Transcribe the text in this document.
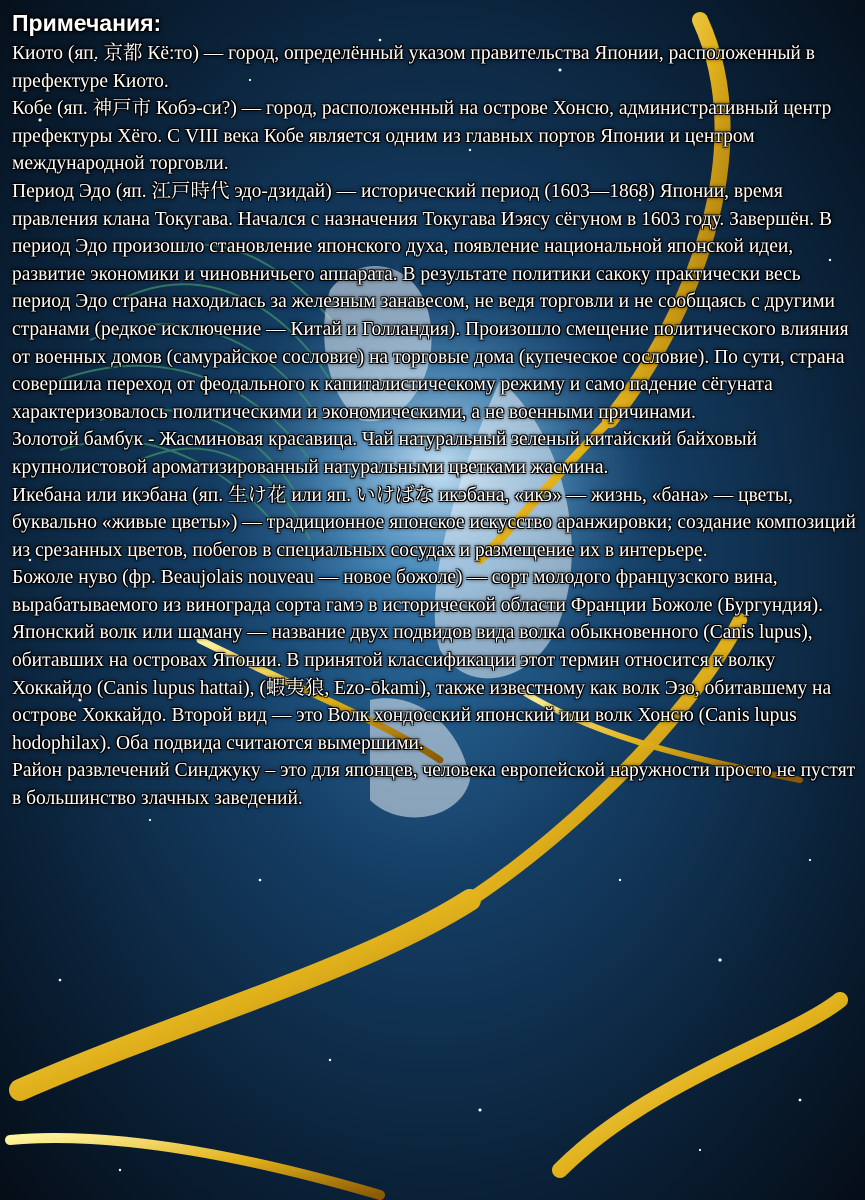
Примечания:

Киото (яп. 京都 Кё:то) — город, определённый указом правительства Японии, расположенный в префектуре Киото.

Кобе (яп. 神戸市 Кобэ-си?) — город, расположенный на острове Хонсю, административный центр префектуры Хёго. С VIII века Кобе является одним из главных портов Японии и центром международной торговли.

Период Эдо (яп. 江戸時代 эдо-дзидай) — исторический период (1603—1868) Японии, время правления клана Токугава. Начался с назначения Токугава Иэясу сёгуном в 1603 году. Завершён. В период Эдо произошло становление японского духа, появление национальной японской идеи, развитие экономики и чиновничьего аппарата. В результате политики сакоку практически весь период Эдо страна находилась за железным занавесом, не ведя торговли и не сообщаясь с другими странами (редкое исключение — Китай и Голландия). Произошло смещение политического влияния от военных домов (самурайское сословие) на торговые дома (купеческое сословие). По сути, страна совершила переход от феодального к капиталистическому режиму и само падение сёгуната характеризовалось политическими и экономическими, а не военными причинами.

Золотой бамбук - Жасминовая красавица. Чай натуральный зеленый китайский байховый крупнолистовой ароматизированный натуральными цветками жасмина.

Икебана или икэбана (яп. 生け花 или яп. いけばな икэбана, «икэ» — жизнь, «бана» — цветы, буквально «живые цветы») — традиционное японское искусство аранжировки; создание композиций из срезанных цветов, побегов в специальных сосудах и размещение их в интерьере.

Божоле нуво (фр. Beaujolais nouveau — новое божоле) — сорт молодого французского вина, вырабатываемого из винограда сорта гамэ в исторической области Франции Божоле (Бургундия).

Японский волк или шаману — название двух подвидов вида волка обыкновенного (Canis lupus), обитавших на островах Японии. В принятой классификации этот термин относится к волку Хоккайдо (Canis lupus hattai), (蝦夷狼, Ezo-ōkami), также известному как волк Эзо, обитавшему на острове Хоккайдо. Второй вид — это Волк хондосский японский или волк Хонсю (Canis lupus hodophilax). Оба подвида считаются вымершими.

Район развлечений Синджуку – это для японцев, человека европейской наружности просто не пустят в большинство злачных заведений.
